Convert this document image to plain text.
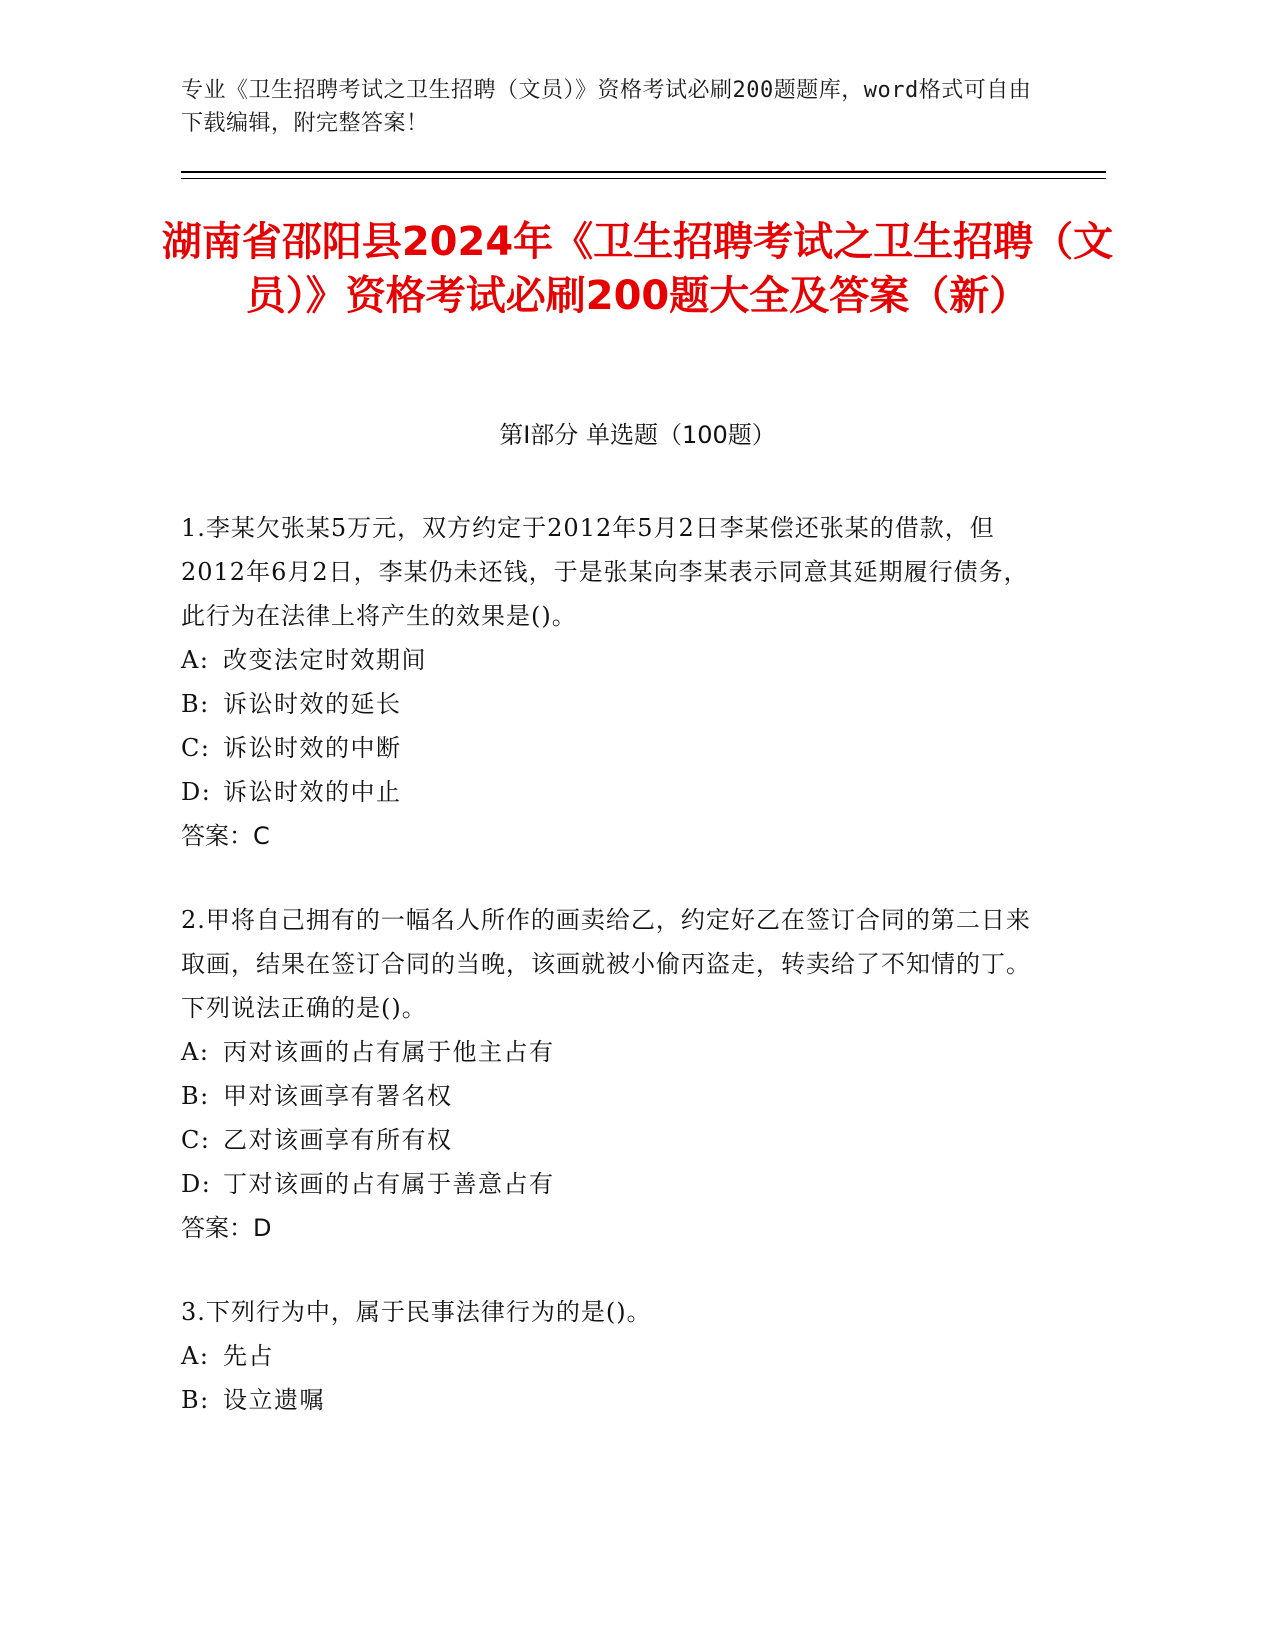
专业《卫生招聘考试之卫生招聘（文员）》资格考试必刷200题题库，word格式可自由下载编辑，附完整答案！
湖南省邵阳县2024年《卫生招聘考试之卫生招聘（文员）》资格考试必刷200题大全及答案（新）
第I部分 单选题（100题）

1.李某欠张某5万元，双方约定于2012年5月2日李某偿还张某的借款，但2012年6月2日，李某仍未还钱，于是张某向李某表示同意其延期履行债务，此行为在法律上将产生的效果是()。

A: 改变法定时效期间

B: 诉讼时效的延长

C: 诉讼时效的中断

D: 诉讼时效的中止

答案：C

2.甲将自己拥有的一幅名人所作的画卖给乙，约定好乙在签订合同的第二日来取画，结果在签订合同的当晚，该画就被小偷丙盗走，转卖给了不知情的丁。下列说法正确的是()。

A: 丙对该画的占有属于他主占有

B: 甲对该画享有署名权

C: 乙对该画享有所有权

D: 丁对该画的占有属于善意占有

答案：D

3.下列行为中，属于民事法律行为的是()。

A: 先占

B: 设立遗嘱
